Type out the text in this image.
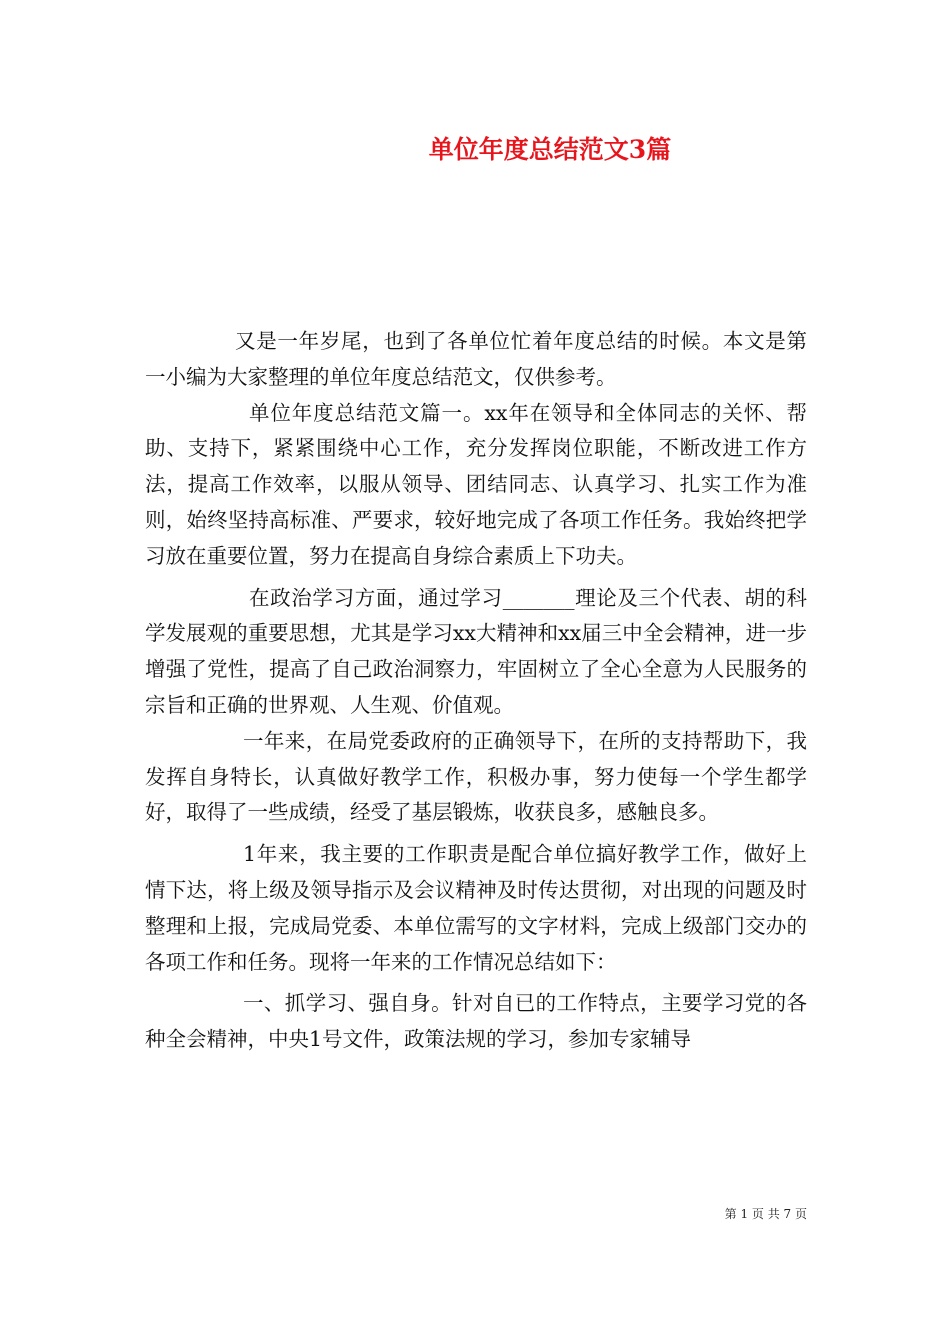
单位年度总结范文3篇

又是一年岁尾，也到了各单位忙着年度总结的时候。本文是第一小编为大家整理的单位年度总结范文，仅供参考。

单位年度总结范文篇一。xx年在领导和全体同志的关怀、帮助、支持下，紧紧围绕中心工作，充分发挥岗位职能，不断改进工作方法，提高工作效率，以服从领导、团结同志、认真学习、扎实工作为准则，始终坚持高标准、严要求，较好地完成了各项工作任务。我始终把学习放在重要位置，努力在提高自身综合素质上下功夫。

在政治学习方面，通过学习_______理论及三个代表、胡的科学发展观的重要思想，尤其是学习xx大精神和xx届三中全会精神，进一步增强了党性，提高了自己政治洞察力，牢固树立了全心全意为人民服务的宗旨和正确的世界观、人生观、价值观。

一年来，在局党委政府的正确领导下，在所的支持帮助下，我发挥自身特长，认真做好教学工作，积极办事，努力使每一个学生都学好，取得了一些成绩，经受了基层锻炼，收获良多，感触良多。

1年来，我主要的工作职责是配合单位搞好教学工作，做好上情下达，将上级及领导指示及会议精神及时传达贯彻，对出现的问题及时整理和上报，完成局党委、本单位需写的文字材料，完成上级部门交办的各项工作和任务。现将一年来的工作情况总结如下：

一、抓学习、强自身。针对自已的工作特点，主要学习党的各种全会精神，中央1号文件，政策法规的学习，参加专家辅导

第 1 页 共 7 页
